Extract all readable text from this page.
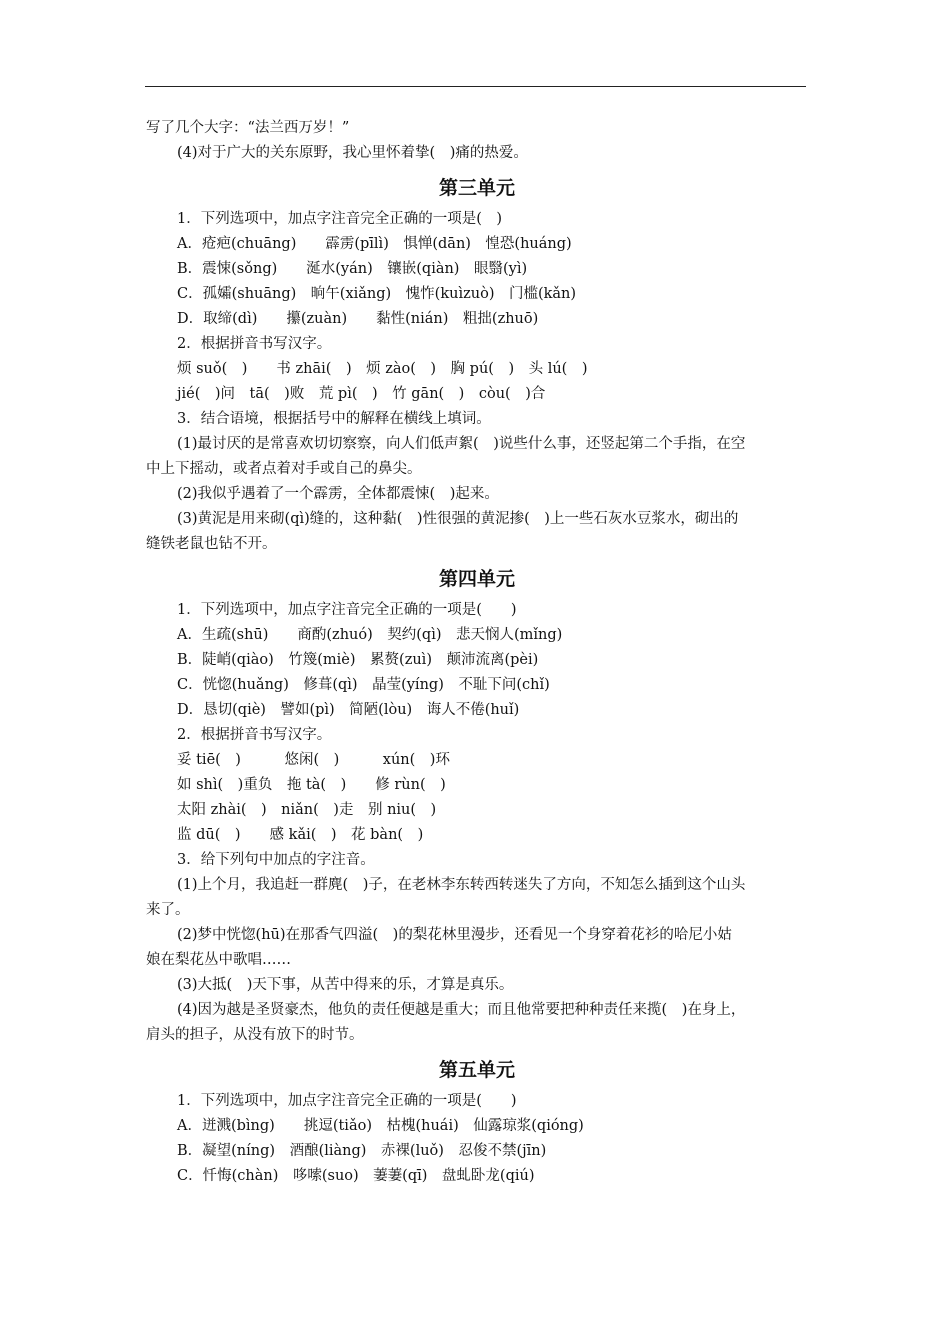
写了几个大字：“法兰西万岁！”
(4)对于广大的关东原野，我心里怀着挚(　)痛的热爱。
第三单元
1．下列选项中，加点字注音完全正确的一项是(　)
A．疮疤(chuāng)　　霹雳(pīlì)　惧惮(dān)　惶恐(huáng)
B．震悚(sǒng)　　涎水(yán)　镶嵌(qiàn)　眼翳(yì)
C．孤孀(shuāng)　晌午(xiǎng)　愧怍(kuìzuò)　门槛(kǎn)
D．取缔(dì)　　攥(zuàn)　　黏性(nián)　粗拙(zhuō)
2．根据拼音书写汉字。
烦 suǒ(　)　　书 zhāi(　)　烦 zào(　)　胸 pú(　)　头 lú(　)
jié(　)问　tā(　)败　荒 pì(　)　竹 gān(　)　còu(　)合
3．结合语境，根据括号中的解释在横线上填词。
(1)最讨厌的是常喜欢切切察察，向人们低声絮(　)说些什么事，还竖起第二个手指，在空
中上下摇动，或者点着对手或自己的鼻尖。
(2)我似乎遇着了一个霹雳，全体都震悚(　)起来。
(3)黄泥是用来砌(qì)缝的，这种黏(　)性很强的黄泥掺(　)上一些石灰水豆浆水，砌出的
缝铁老鼠也钻不开。
第四单元
1．下列选项中，加点字注音完全正确的一项是(　　)
A．生疏(shū)　　商酌(zhuó)　契约(qì)　悲天悯人(mǐng)
B．陡峭(qiào)　竹篾(miè)　累赘(zuì)　颠沛流离(pèi)
C．恍惚(huǎng)　修葺(qì)　晶莹(yíng)　不耻下问(chǐ)
D．恳切(qiè)　譬如(pì)　简陋(lòu)　诲人不倦(huǐ)
2．根据拼音书写汉字。
妥 tiē(　)　　　悠闲(　)　　　xún(　)环
如 shì(　)重负　拖 tà(　)　　修 rùn(　)
太阳 zhài(　)　niǎn(　)走　别 niu(　)
监 dū(　)　　感 kǎi(　)　花 bàn(　)
3．给下列句中加点的字注音。
(1)上个月，我追赶一群麂(　)子，在老林李东转西转迷失了方向，不知怎么插到这个山头
来了。
(2)梦中恍惚(hū)在那香气四溢(　)的梨花林里漫步，还看见一个身穿着花衫的哈尼小姑
娘在梨花丛中歌唱……
(3)大抵(　)天下事，从苦中得来的乐，才算是真乐。
(4)因为越是圣贤豪杰，他负的责任便越是重大；而且他常要把种种责任来揽(　)在身上，
肩头的担子，从没有放下的时节。
第五单元
1．下列选项中，加点字注音完全正确的一项是(　　)
A．迸溅(bìng)　　挑逗(tiǎo)　枯槐(huái)　仙露琼浆(qióng)
B．凝望(níng)　酒酿(liàng)　赤裸(luǒ)　忍俊不禁(jīn)
C．忏悔(chàn)　哆嗦(suo)　萋萋(qī)　盘虬卧龙(qiú)
